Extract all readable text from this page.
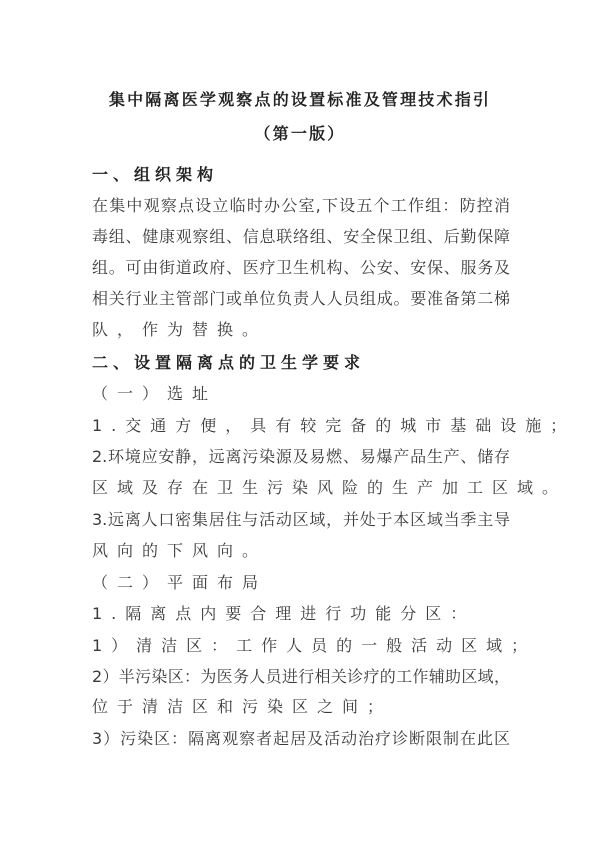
集中隔离医学观察点的设置标准及管理技术指引
（第一版）
一、组织架构
在集中观察点设立临时办公室,下设五个工作组：防控消
毒组、健康观察组、信息联络组、安全保卫组、后勤保障
组。可由街道政府、医疗卫生机构、公安、安保、服务及
相关行业主管部门或单位负责人人员组成。要准备第二梯
队，作为替换。
二、设置隔离点的卫生学要求
（一）选址
1.交通方便，具有较完备的城市基础设施；
2.环境应安静，远离污染源及易燃、易爆产品生产、储存
区域及存在卫生污染风险的生产加工区域。
3.远离人口密集居住与活动区域，并处于本区域当季主导
风向的下风向。
（二）平面布局
1.隔离点内要合理进行功能分区：
1）清洁区：工作人员的一般活动区域；
2）半污染区：为医务人员进行相关诊疗的工作辅助区域，
位于清洁区和污染区之间；
3）污染区：隔离观察者起居及活动治疗诊断限制在此区
